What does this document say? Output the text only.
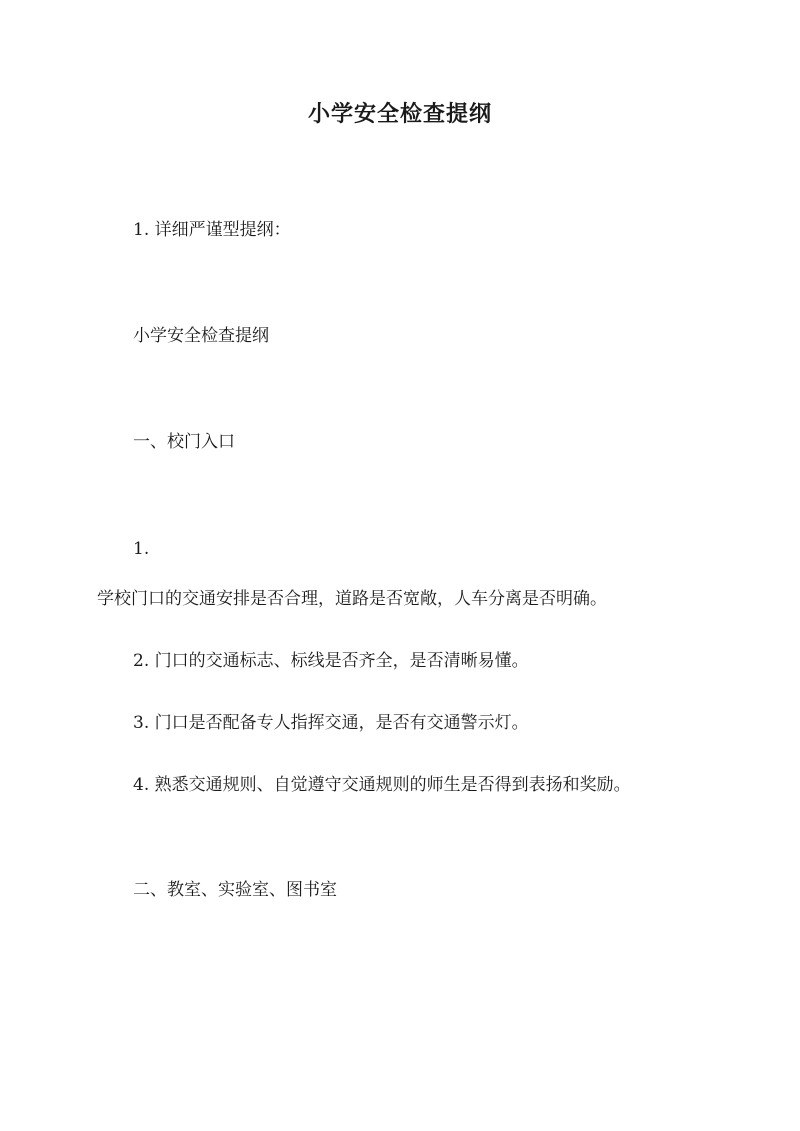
小学安全检查提纲
1. 详细严谨型提纲：
小学安全检查提纲
一、校门入口
1.
学校门口的交通安排是否合理，道路是否宽敞，人车分离是否明确。
2. 门口的交通标志、标线是否齐全，是否清晰易懂。
3. 门口是否配备专人指挥交通，是否有交通警示灯。
4. 熟悉交通规则、自觉遵守交通规则的师生是否得到表扬和奖励。
二、教室、实验室、图书室
